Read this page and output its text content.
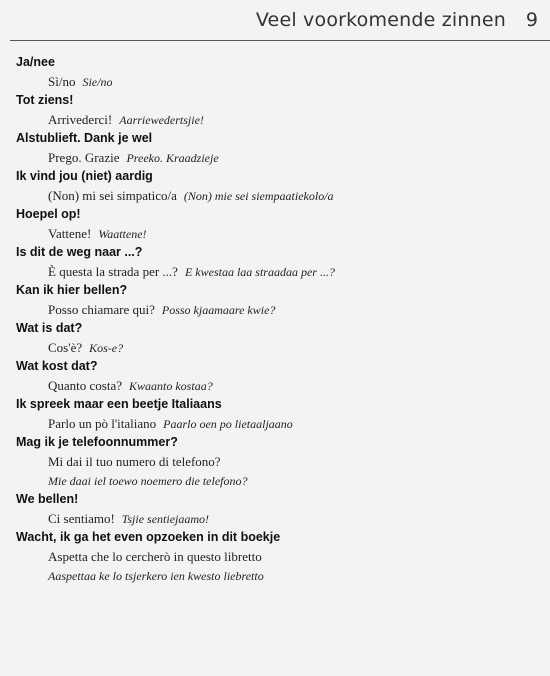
Veel voorkomende zinnen 9
Ja/nee
Sì/no Sie/no
Tot ziens!
Arrivederci! Aarriewedertsjie!
Alstublieft. Dank je wel
Prego. Grazie Preeko. Kraadzieje
Ik vind jou (niet) aardig
(Non) mi sei simpatico/a (Non) mie sei siempaatiekolo/a
Hoepel op!
Vattene! Waattene!
Is dit de weg naar ...?
È questa la strada per ...? E kwestaa laa straadaa per ...?
Kan ik hier bellen?
Posso chiamare qui? Posso kjaamaare kwie?
Wat is dat?
Cos'è? Kos-e?
Wat kost dat?
Quanto costa? Kwaanto kostaa?
Ik spreek maar een beetje Italiaans
Parlo un pò l'italiano Paarlo oen po lietaaljaano
Mag ik je telefoonnummer?
Mi dai il tuo numero di telefono?
Mie daai iel toewo noemero die telefono?
We bellen!
Ci sentiamo! Tsjie sentiejaamo!
Wacht, ik ga het even opzoeken in dit boekje
Aspetta che lo cercherò in questo libretto
Aaspettaa ke lo tsjerkero ien kwesto liebretto
